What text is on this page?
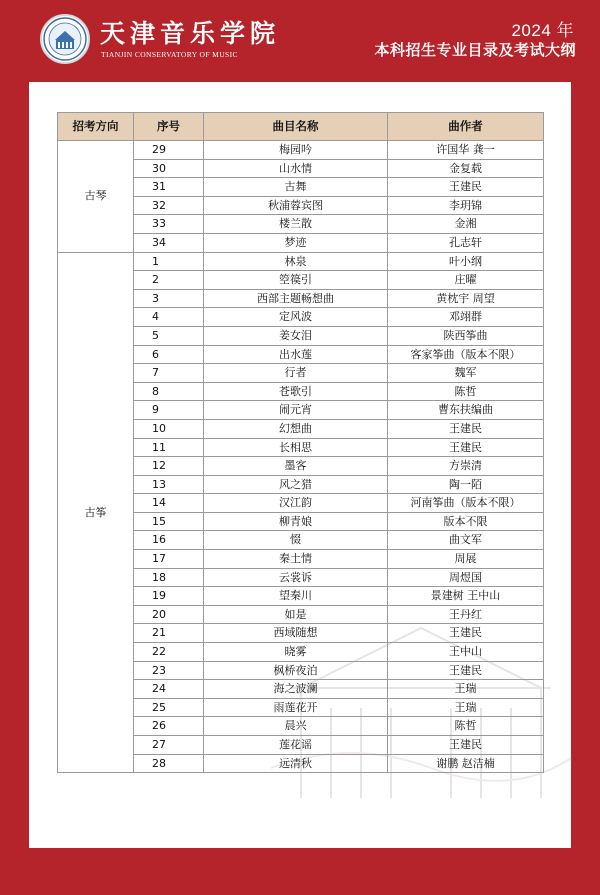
天津音乐学院
TIANJIN CONSERVATORY OF MUSIC
2024 年
本科招生专业目录及考试大纲
招考方向	序号	曲目名称	曲作者
古琴	29	梅园吟	许国华 龚一
	30	山水情	金复载
	31	古舞	王建民
	32	秋浦蓉宾图	李玥锦
	33	楼兰散	金湘
	34	梦迹	孔志轩
古筝	1	林泉	叶小纲
	2	箜篌引	庄曜
	3	西部主题畅想曲	黄枕宇 周望
	4	定风波	邓翊群
	5	姜女泪	陕西筝曲
	6	出水莲	客家筝曲（版本不限）
	7	行者	魏军
	8	苍歌引	陈哲
	9	闹元宵	曹东扶编曲
	10	幻想曲	王建民
	11	长相思	王建民
	12	墨客	方崇清
	13	风之猎	陶一陌
	14	汉江韵	河南筝曲（版本不限）
	15	柳青娘	版本不限
	16	惙	曲文军
	17	秦土情	周展
	18	云裳诉	周煜国
	19	望秦川	景建树 王中山
	20	如是	王丹红
	21	西域随想	王建民
	22	晓雾	王中山
	23	枫桥夜泊	王建民
	24	海之波澜	王瑞
	25	雨莲花开	王瑞
	26	晨兴	陈哲
	27	莲花谣	王建民
	28	远清秋	谢鹏 赵洁楠
追求完美 创造卓越
